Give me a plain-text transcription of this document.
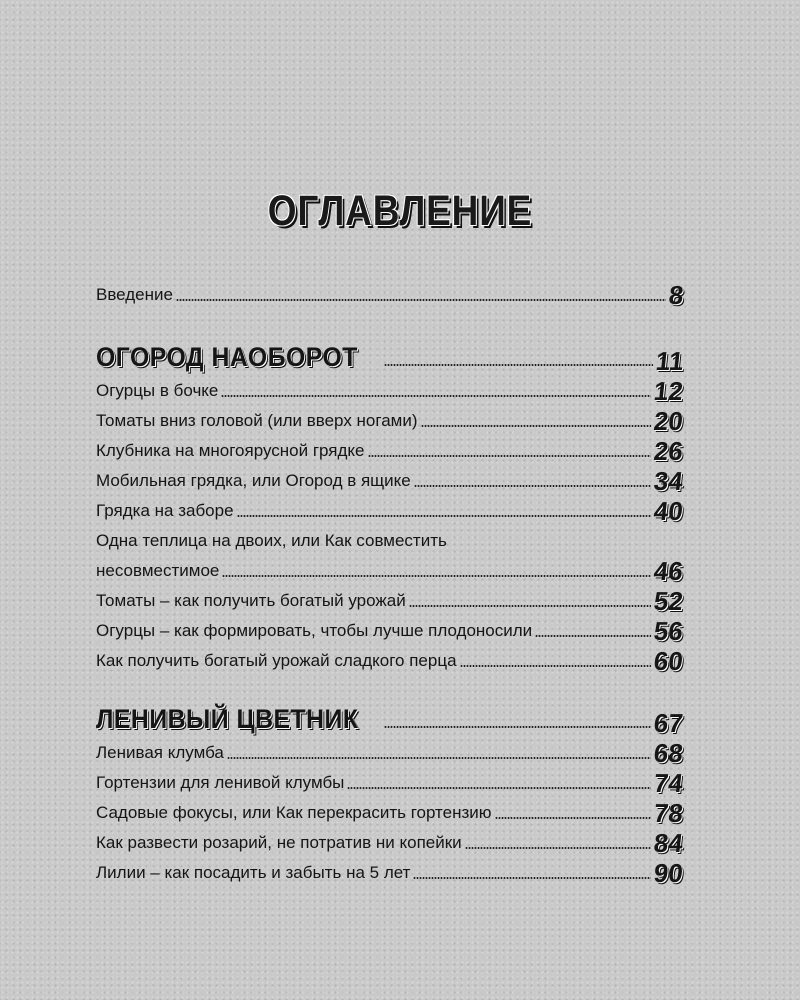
ОГЛАВЛЕНИЕ
Введение	8
ОГОРОД НАОБОРОТ	11
Огурцы в бочке	12
Томаты вниз головой (или вверх ногами)	20
Клубника на многоярусной грядке	26
Мобильная грядка, или Огород в ящике	34
Грядка на заборе	40
Одна теплица на двоих, или Как совместить
несовместимое	46
Томаты – как получить богатый урожай	52
Огурцы – как формировать, чтобы лучше плодоносили	56
Как получить богатый урожай сладкого перца	60
ЛЕНИВЫЙ ЦВЕТНИК	67
Ленивая клумба	68
Гортензии для ленивой клумбы	74
Садовые фокусы, или Как перекрасить гортензию	78
Как развести розарий, не потратив ни копейки	84
Лилии – как посадить и забыть на 5 лет	90
